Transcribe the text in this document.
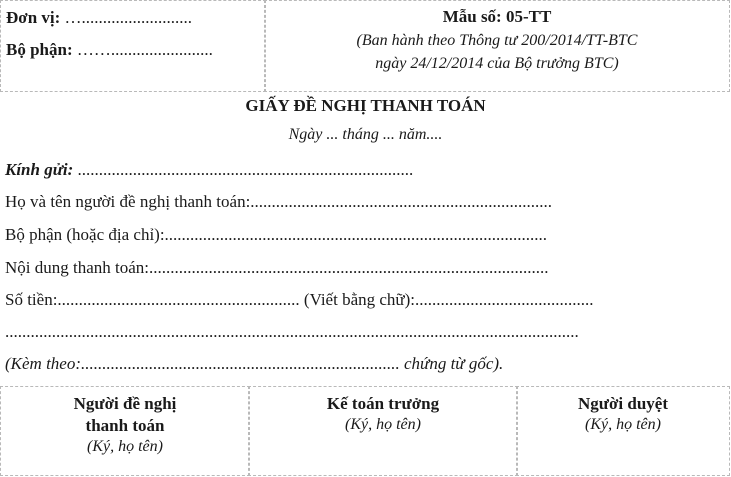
Đơn vị: …..........................
Bộ phận: ……........................
Mẫu số: 05-TT
(Ban hành theo Thông tư 200/2014/TT-BTC
ngày 24/12/2014 của Bộ trưởng BTC)
GIẤY ĐỀ NGHỊ THANH TOÁN
Ngày ... tháng ... năm....
Kính gửi: ...............................................................................
Họ và tên người đề nghị thanh toán:.......................................................................
Bộ phận (hoặc địa chỉ):..........................................................................................
Nội dung thanh toán:..............................................................................................
Số tiền:......................................................... (Viết bằng chữ):..........................................
.......................................................................................................................................
(Kèm theo:........................................................................... chứng từ gốc).
Người đề nghị
thanh toán
(Ký, họ tên)
Kế toán trưởng
(Ký, họ tên)
Người duyệt
(Ký, họ tên)
